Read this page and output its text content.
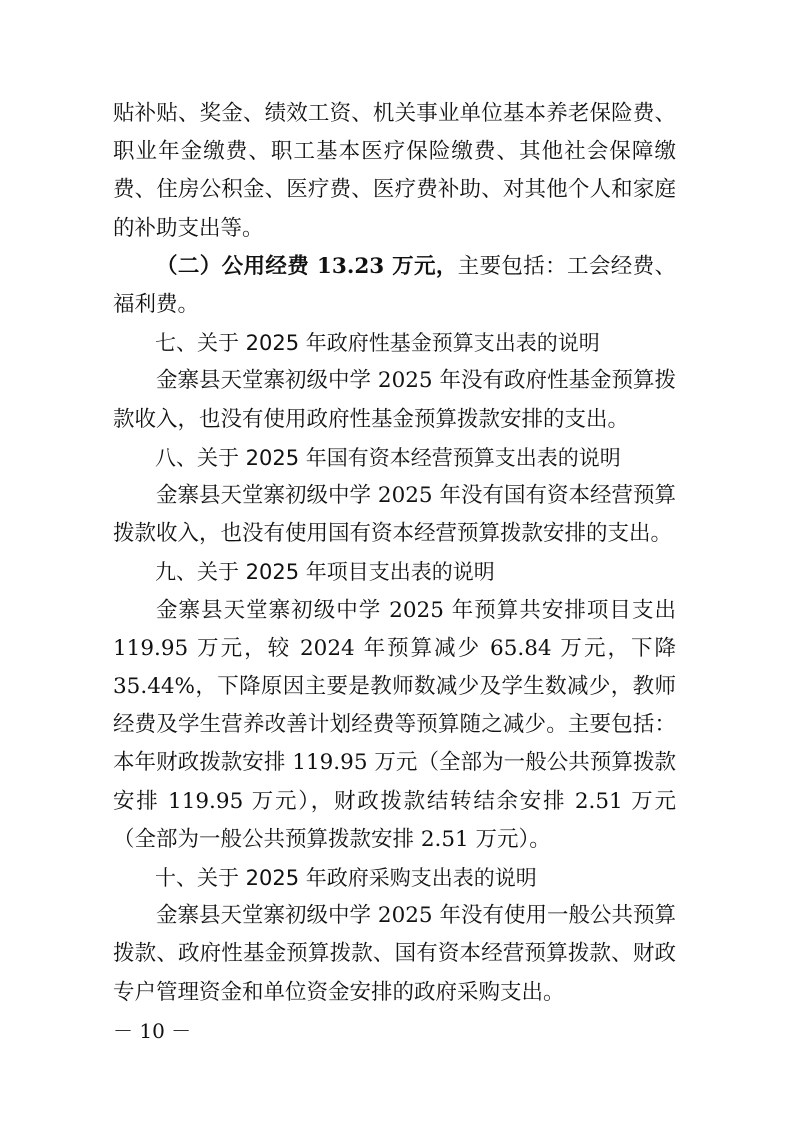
贴补贴、奖金、绩效工资、机关事业单位基本养老保险费、职业年金缴费、职工基本医疗保险缴费、其他社会保障缴费、住房公积金、医疗费、医疗费补助、对其他个人和家庭的补助支出等。

（二）公用经费 13.23 万元，主要包括：工会经费、福利费。

七、关于 2025 年政府性基金预算支出表的说明

金寨县天堂寨初级中学 2025 年没有政府性基金预算拨款收入，也没有使用政府性基金预算拨款安排的支出。

八、关于 2025 年国有资本经营预算支出表的说明

金寨县天堂寨初级中学 2025 年没有国有资本经营预算拨款收入，也没有使用国有资本经营预算拨款安排的支出。

九、关于 2025 年项目支出表的说明

金寨县天堂寨初级中学 2025 年预算共安排项目支出 119.95 万元，较 2024 年预算减少 65.84 万元，下降 35.44%，下降原因主要是教师数减少及学生数减少，教师经费及学生营养改善计划经费等预算随之减少。主要包括：本年财政拨款安排 119.95 万元（全部为一般公共预算拨款安排 119.95 万元），财政拨款结转结余安排 2.51 万元（全部为一般公共预算拨款安排 2.51 万元）。

十、关于 2025 年政府采购支出表的说明

金寨县天堂寨初级中学 2025 年没有使用一般公共预算拨款、政府性基金预算拨款、国有资本经营预算拨款、财政专户管理资金和单位资金安排的政府采购支出。

－ 10 －
